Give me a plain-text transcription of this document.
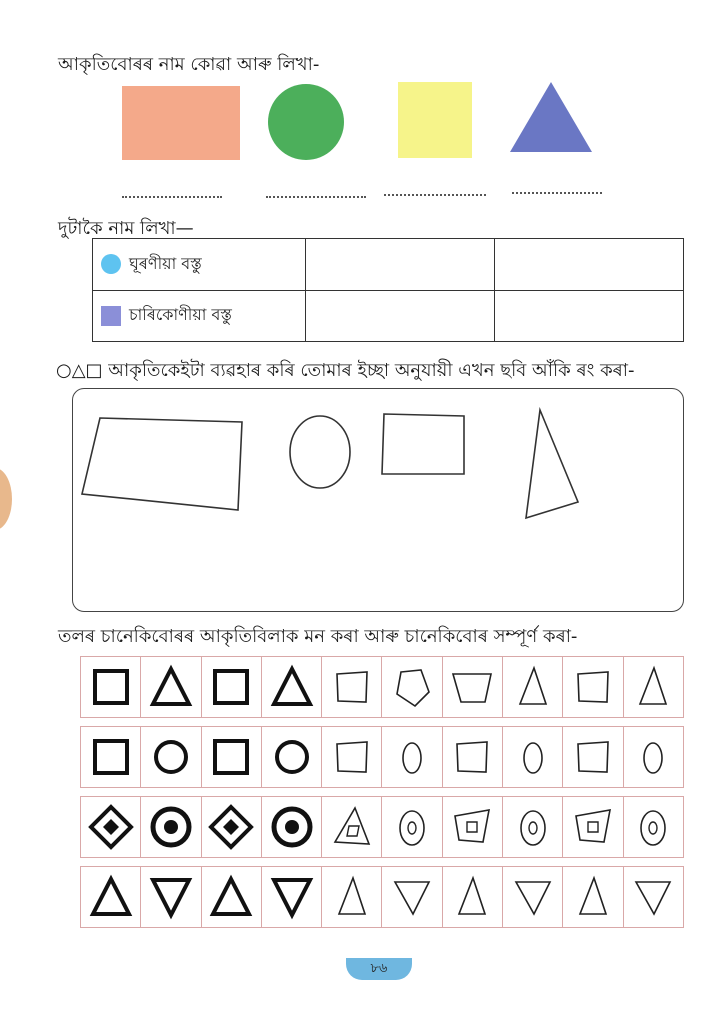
আকৃতিবোৰৰ নাম কোৱা আৰু লিখা-
দুটাকৈ নাম লিখা—
ঘূৰণীয়া বস্তু		
চাৰিকোণীয়া বস্তু		
○△□ আকৃতিকেইটা ব্যৱহাৰ কৰি তোমাৰ ইচ্ছা অনুযায়ী এখন ছবি আঁকি ৰং কৰা-
তলৰ চানেকিবোৰৰ আকৃতিবিলাক মন কৰা আৰু চানেকিবোৰ সম্পূৰ্ণ কৰা-
৮৬
